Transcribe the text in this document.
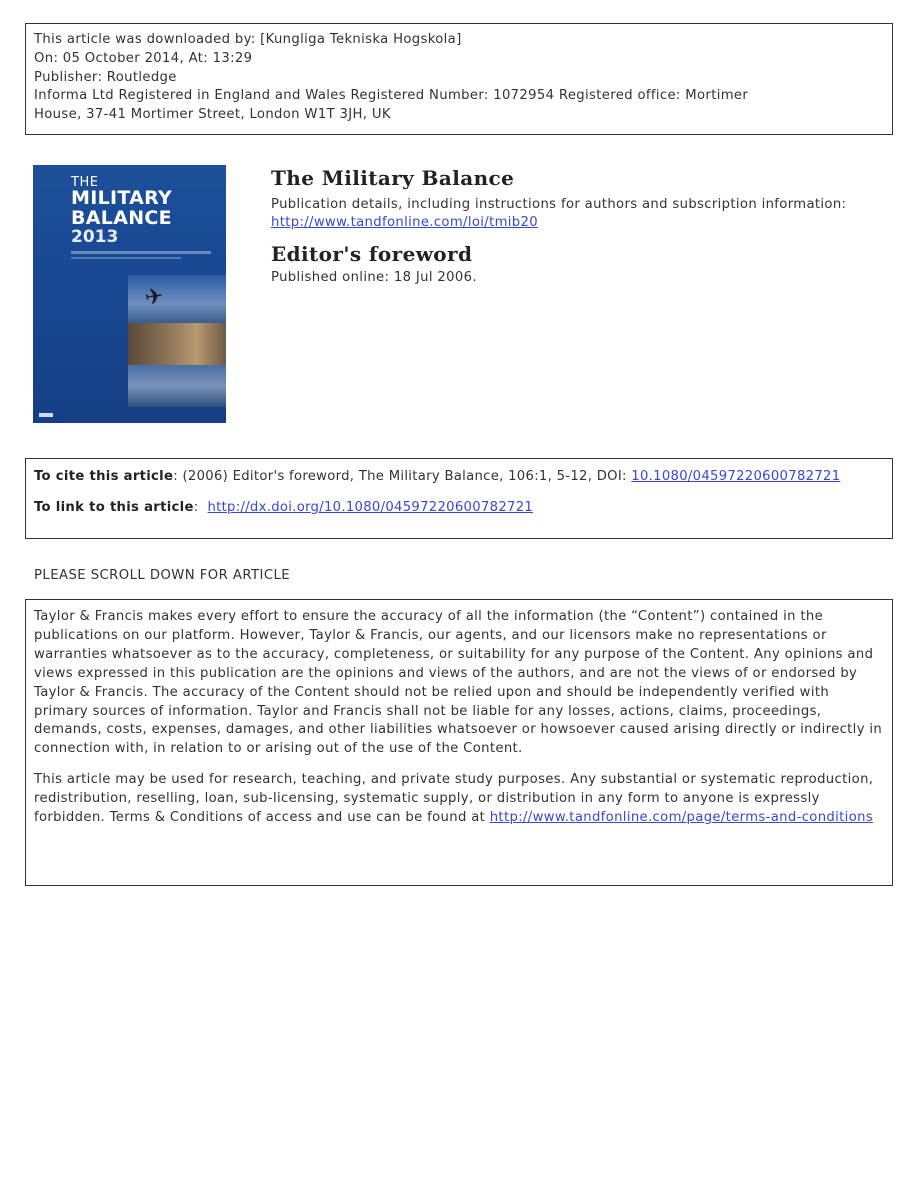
This article was downloaded by: [Kungliga Tekniska Hogskola]
On: 05 October 2014, At: 13:29
Publisher: Routledge
Informa Ltd Registered in England and Wales Registered Number: 1072954 Registered office: Mortimer
House, 37-41 Mortimer Street, London W1T 3JH, UK
THE
MILITARY
BALANCE
2013
✈
The Military Balance
Publication details, including instructions for authors and subscription information:
http://www.tandfonline.com/loi/tmib20
Editor's foreword
Published online: 18 Jul 2006.
To cite this article: (2006) Editor's foreword, The Military Balance, 106:1, 5-12, DOI: 10.1080/04597220600782721
To link to this article:  http://dx.doi.org/10.1080/04597220600782721
PLEASE SCROLL DOWN FOR ARTICLE

Taylor & Francis makes every effort to ensure the accuracy of all the information (the “Content”) contained in the publications on our platform. However, Taylor & Francis, our agents, and our licensors make no representations or warranties whatsoever as to the accuracy, completeness, or suitability for any purpose of the Content. Any opinions and views expressed in this publication are the opinions and views of the authors, and are not the views of or endorsed by Taylor & Francis. The accuracy of the Content should not be relied upon and should be independently verified with primary sources of information. Taylor and Francis shall not be liable for any losses, actions, claims, proceedings, demands, costs, expenses, damages, and other liabilities whatsoever or howsoever caused arising directly or indirectly in connection with, in relation to or arising out of the use of the Content.

This article may be used for research, teaching, and private study purposes. Any substantial or systematic reproduction, redistribution, reselling, loan, sub-licensing, systematic supply, or distribution in any form to anyone is expressly forbidden. Terms & Conditions of access and use can be found at http://www.tandfonline.com/page/terms-and-conditions
